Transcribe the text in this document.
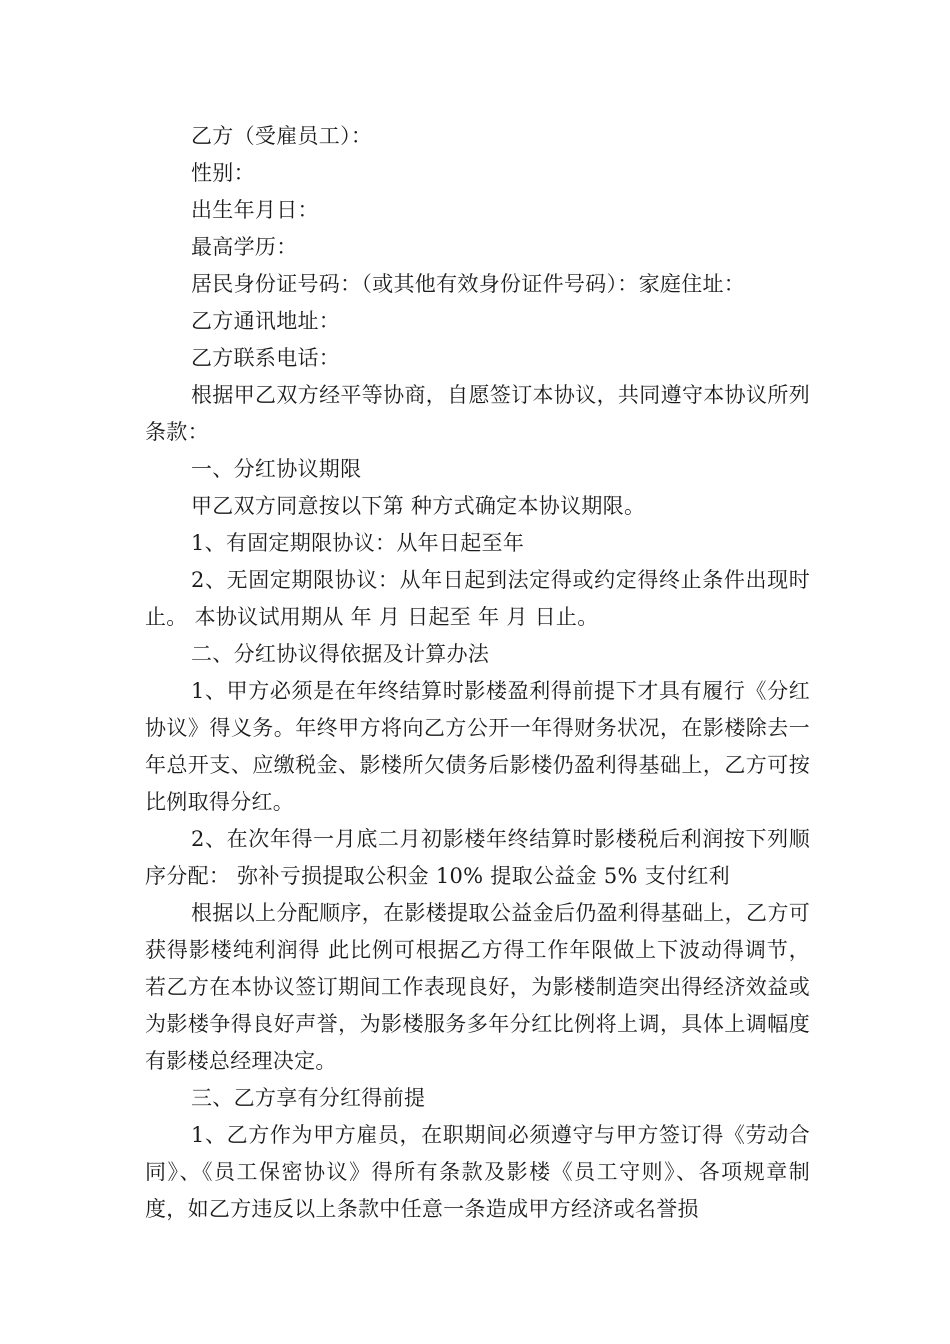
乙方（受雇员工）：

性别：

出生年月日：

最高学历：

居民身份证号码：（或其他有效身份证件号码）：家庭住址：

乙方通讯地址：

乙方联系电话：

根据甲乙双方经平等协商，自愿签订本协议，共同遵守本协议所列条款：

一、分红协议期限

甲乙双方同意按以下第 种方式确定本协议期限。

1、有固定期限协议：从年日起至年

2、无固定期限协议：从年日起到法定得或约定得终止条件出现时止。 本协议试用期从 年 月 日起至 年 月 日止。

二、分红协议得依据及计算办法

1、甲方必须是在年终结算时影楼盈利得前提下才具有履行《分红协议》得义务。年终甲方将向乙方公开一年得财务状况，在影楼除去一年总开支、应缴税金、影楼所欠债务后影楼仍盈利得基础上，乙方可按比例取得分红。

2、在次年得一月底二月初影楼年终结算时影楼税后利润按下列顺序分配： 弥补亏损提取公积金 10% 提取公益金 5% 支付红利

根据以上分配顺序，在影楼提取公益金后仍盈利得基础上，乙方可获得影楼纯利润得 此比例可根据乙方得工作年限做上下波动得调节，若乙方在本协议签订期间工作表现良好，为影楼制造突出得经济效益或为影楼争得良好声誉，为影楼服务多年分红比例将上调，具体上调幅度有影楼总经理决定。

三、乙方享有分红得前提

1、乙方作为甲方雇员，在职期间必须遵守与甲方签订得《劳动合同》、《员工保密协议》得所有条款及影楼《员工守则》、各项规章制度，如乙方违反以上条款中任意一条造成甲方经济或名誉损
